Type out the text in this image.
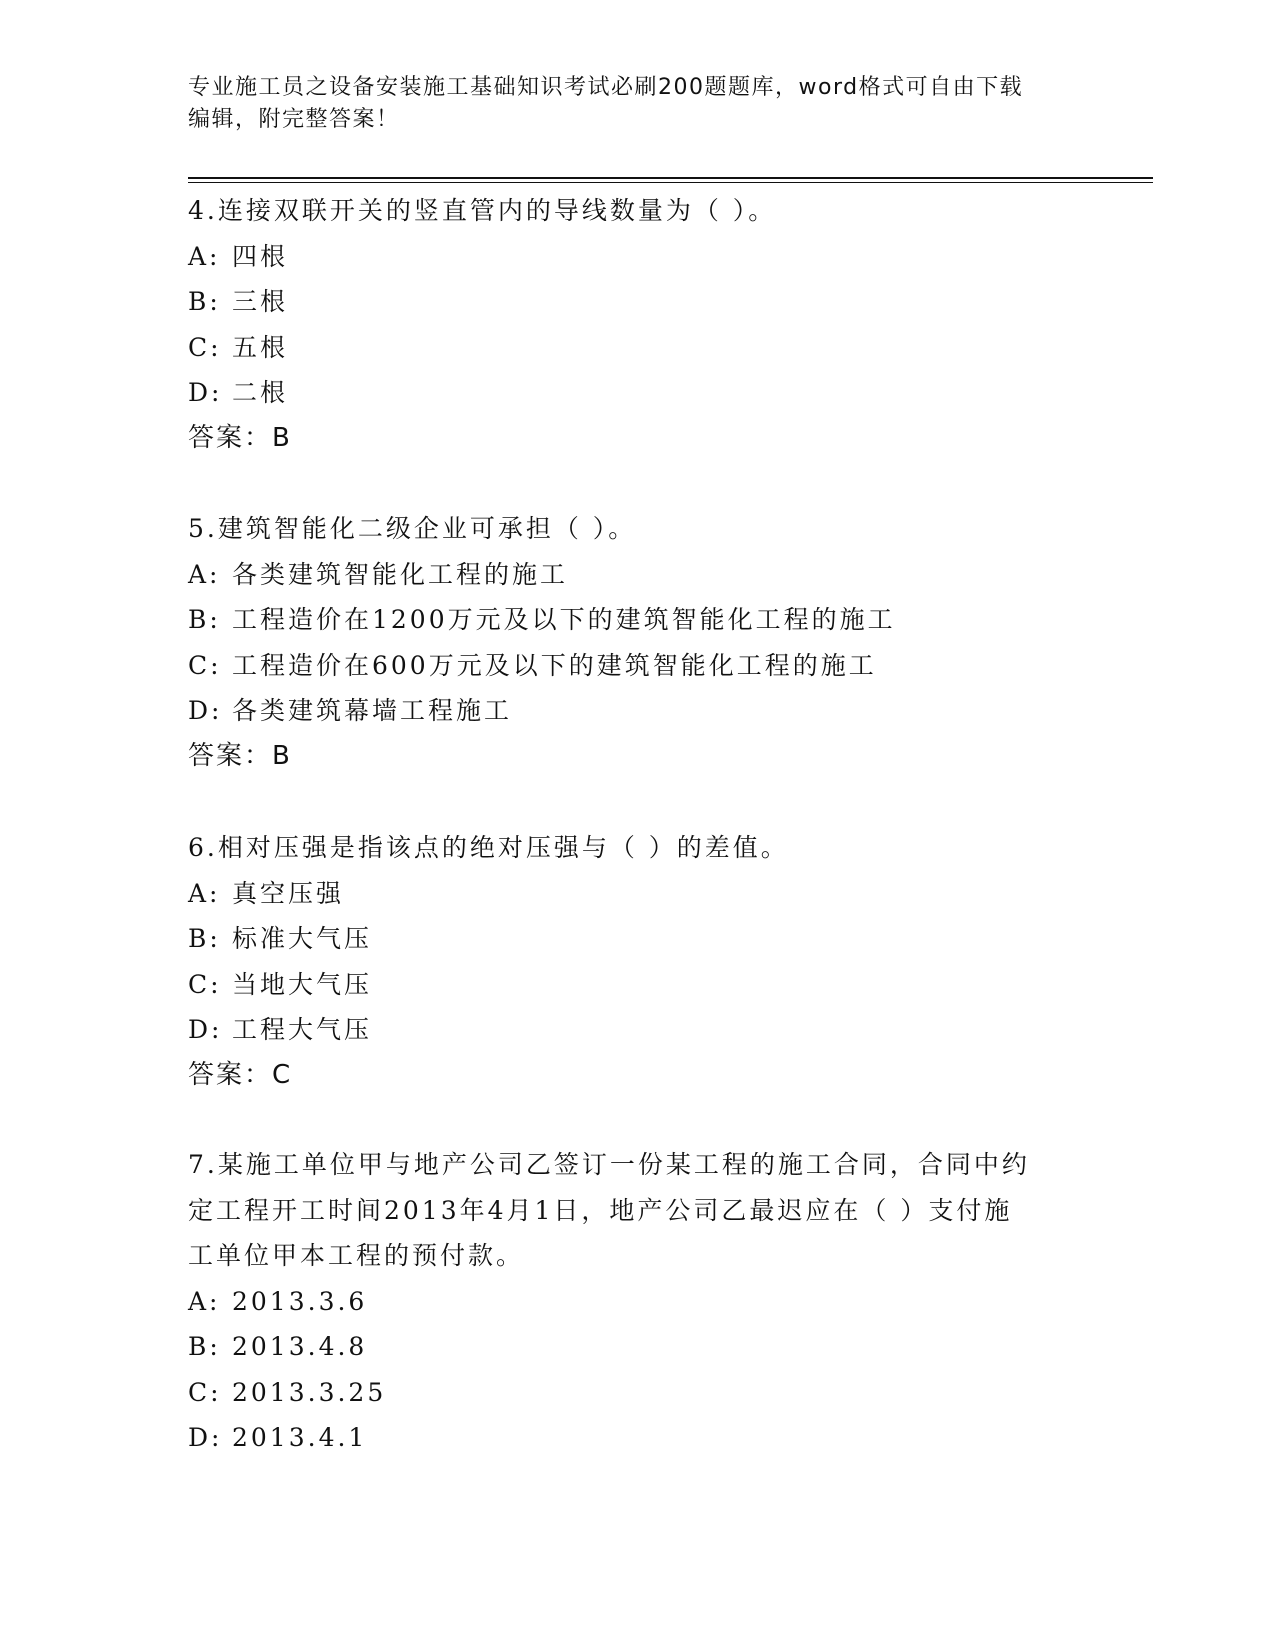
专业施工员之设备安装施工基础知识考试必刷200题题库，word格式可自由下载
编辑，附完整答案！

4.连接双联开关的竖直管内的导线数量为（ ）。

A: 四根
B: 三根
C: 五根
D: 二根
答案：B

5.建筑智能化二级企业可承担（ ）。

A: 各类建筑智能化工程的施工
B: 工程造价在1200万元及以下的建筑智能化工程的施工
C: 工程造价在600万元及以下的建筑智能化工程的施工
D: 各类建筑幕墙工程施工
答案：B

6.相对压强是指该点的绝对压强与（ ）的差值。

A: 真空压强
B: 标准大气压
C: 当地大气压
D: 工程大气压
答案：C
7.某施工单位甲与地产公司乙签订一份某工程的施工合同，合同中约
定工程开工时间2013年4月1日，地产公司乙最迟应在（ ）支付施
工单位甲本工程的预付款。
A: 2013.3.6
B: 2013.4.8
C: 2013.3.25
D: 2013.4.1
